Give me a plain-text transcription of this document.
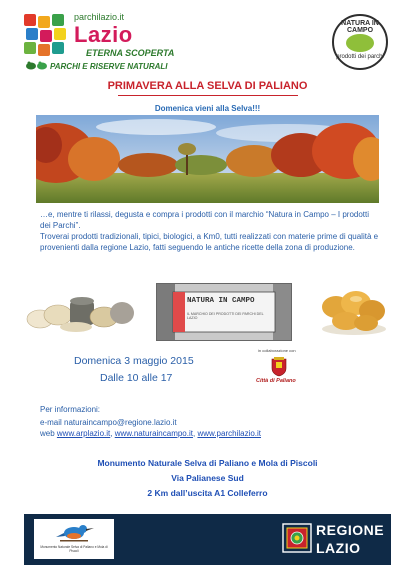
parchilazio.it
Lazio
ETERNA SCOPERTA
PARCHI E RISERVE NATURALI
NATURA IN CAMPO
prodotti dei parchi
PRIMAVERA ALLA SELVA DI PALIANO
Domenica vieni alla Selva!!!
…e, mentre ti rilassi, degusta e compra i prodotti con il marchio “Natura in Campo – I prodotti dei Parchi”.
Troverai prodotti tradizionali, tipici, biologici, a Km0, tutti realizzati con materie prime di qualità e provenienti dalla regione Lazio, fatti seguendo le antiche ricette della zona di produzione.
NATURA IN CAMPO
IL MARCHIO DEI PRODOTTI DEI PARCHI DEL LAZIO
Domenica 3 maggio 2015
Dalle 10 alle 17
in collaborazione con
Città di Paliano
Per informazioni:
e-mail naturaincampo@regione.lazio.it
web www.arplazio.it, www.naturaincampo.it, www.parchilazio.it
Monumento Naturale Selva di Paliano e Mola di Piscoli
Via Palianese Sud
2 Km dall’uscita A1 Colleferro
Monumento Naturale Selva di Paliano e Mola di Piscoli
REGIONE
LAZIO
